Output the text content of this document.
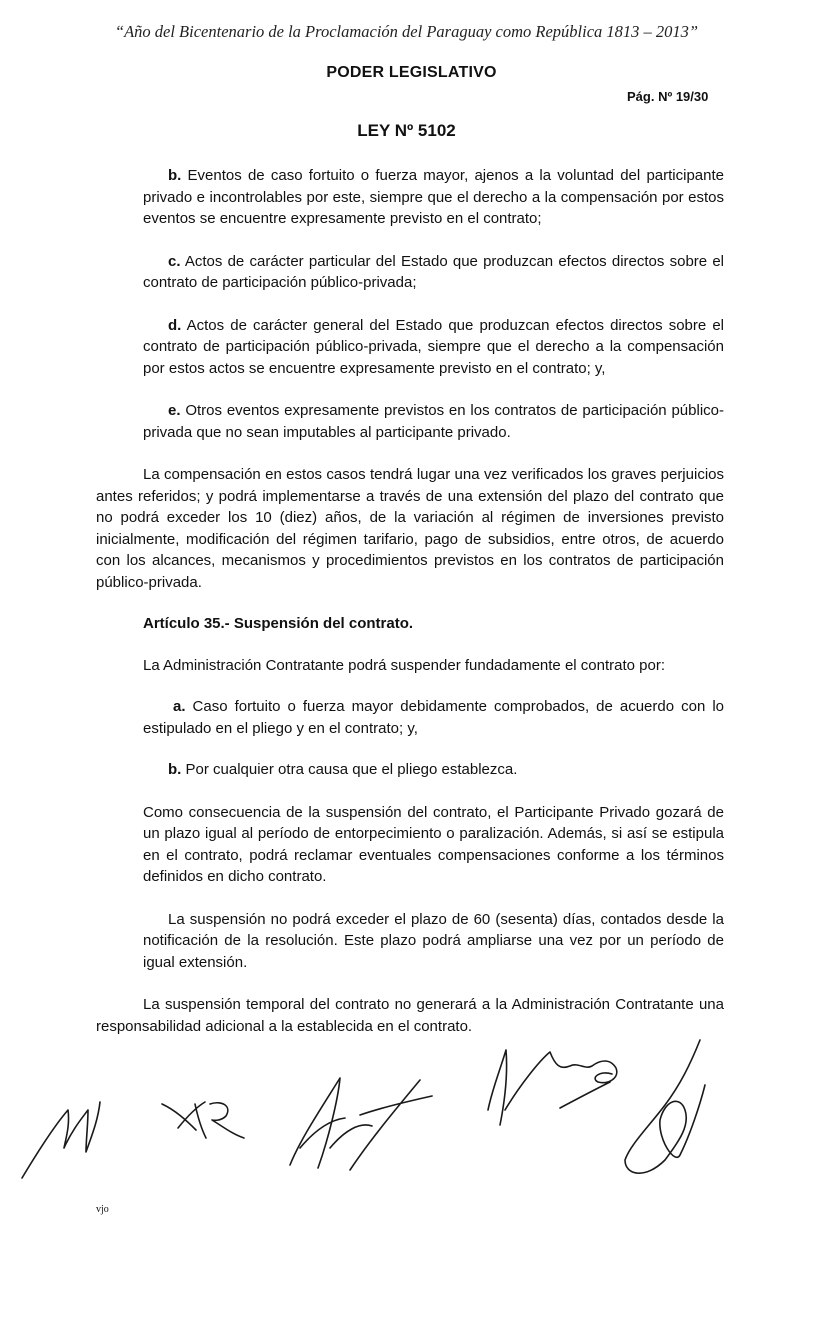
“Año del Bicentenario de la Proclamación del Paraguay como República 1813 – 2013”
PODER LEGISLATIVO
Pág. Nº 19/30
LEY Nº 5102

b. Eventos de caso fortuito o fuerza mayor, ajenos a la voluntad del participante privado e incontrolables por este, siempre que el derecho a la compensación por estos eventos se encuentre expresamente previsto en el contrato;

c. Actos de carácter particular del Estado que produzcan efectos directos sobre el contrato de participación público-privada;

d. Actos de carácter general del Estado que produzcan efectos directos sobre el contrato de participación público-privada, siempre que el derecho a la compensación por estos actos se encuentre expresamente previsto en el contrato; y,

e. Otros eventos expresamente previstos en los contratos de participación público-privada que no sean imputables al participante privado.

La compensación en estos casos tendrá lugar una vez verificados los graves perjuicios antes referidos; y podrá implementarse a través de una extensión del plazo del contrato que no podrá exceder los 10 (diez) años, de la variación al régimen de inversiones previsto inicialmente, modificación del régimen tarifario, pago de subsidios, entre otros, de acuerdo con los alcances, mecanismos y procedimientos previstos en los contratos de participación público-privada.

Artículo 35.- Suspensión del contrato.

La Administración Contratante podrá suspender fundadamente el contrato por:

a. Caso fortuito o fuerza mayor debidamente comprobados, de acuerdo con lo estipulado en el pliego y en el contrato; y,

b. Por cualquier otra causa que el pliego establezca.

Como consecuencia de la suspensión del contrato, el Participante Privado gozará de un plazo igual al período de entorpecimiento o paralización. Además, si así se estipula en el contrato, podrá reclamar eventuales compensaciones conforme a los términos definidos en dicho contrato.

La suspensión no podrá exceder el plazo de 60 (sesenta) días, contados desde la notificación de la resolución. Este plazo podrá ampliarse una vez por un período de igual extensión.

La suspensión temporal del contrato no generará a la Administración Contratante una responsabilidad adicional a la establecida en el contrato.

vjo
